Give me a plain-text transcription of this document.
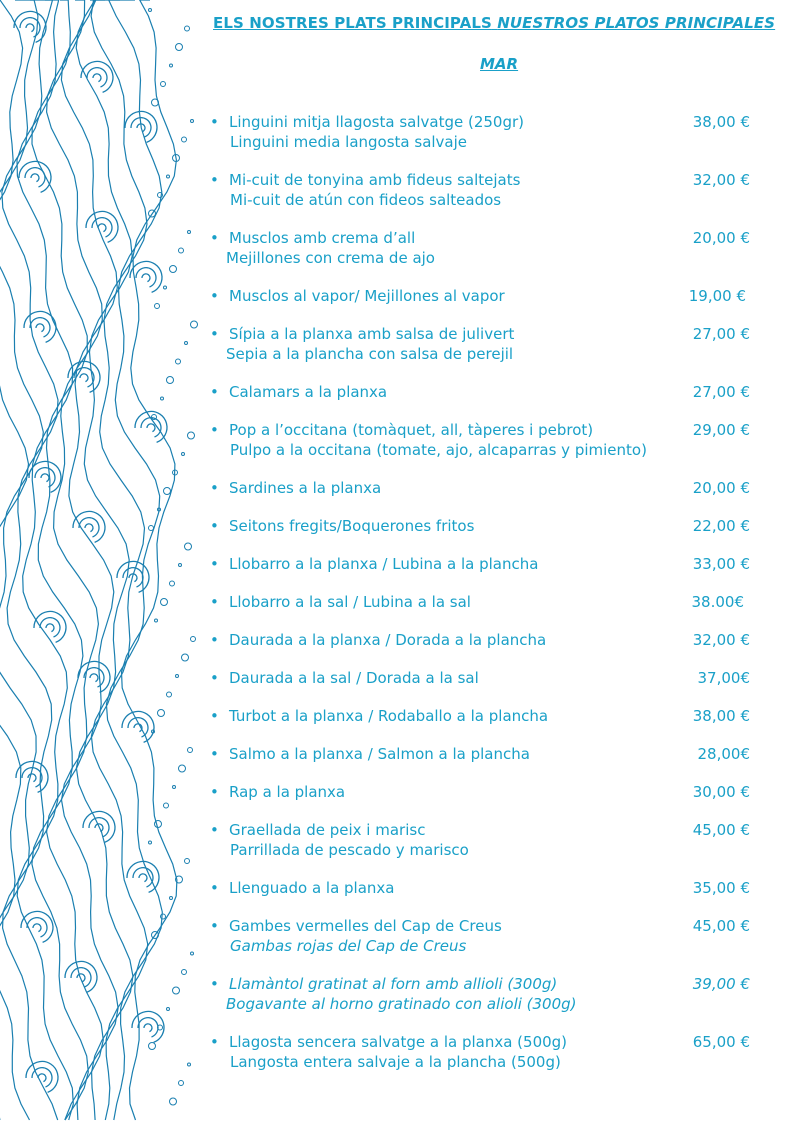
ELS NOSTRES PLATS PRINCIPALS NUESTROS PLATOS PRINCIPALES
MAR
• Linguini mitja llagosta salvatge (250gr)
Linguini media langosta salvaje
38,00 €
• Mi-cuit de tonyina amb fideus saltejats
Mi-cuit de atún con fideos salteados
32,00 €
• Musclos amb crema d’all
Mejillones con crema de ajo
20,00 €
• Musclos al vapor/ Mejillones al vapor	19,00 €
• Sípia a la planxa amb salsa de julivert
Sepia a la plancha con salsa de perejil
27,00 €
• Calamars a la planxa	27,00 €
• Pop a l’occitana (tomàquet, all, tàperes i pebrot)
Pulpo a la occitana (tomate, ajo, alcaparras y pimiento)
29,00 €
• Sardines a la planxa	20,00 €
• Seitons fregits/Boquerones fritos	22,00 €
• Llobarro a la planxa / Lubina a la plancha	33,00 €
• Llobarro a la sal / Lubina a la sal	38.00€
• Daurada a la planxa / Dorada a la plancha	32,00 €
• Daurada a la sal / Dorada a la sal	37,00€
• Turbot a la planxa / Rodaballo a la plancha	38,00 €
• Salmo a la planxa / Salmon a la plancha	28,00€
• Rap a la planxa	30,00 €
• Graellada de peix i marisc
Parrillada de pescado y marisco
45,00 €
• Llenguado a la planxa	35,00 €
• Gambes vermelles del Cap de Creus
Gambas rojas del Cap de Creus
45,00 €
• Llamàntol gratinat al forn amb allioli (300g)
Bogavante al horno gratinado con alioli (300g)
39,00 €
• Llagosta sencera salvatge a la planxa (500g)
Langosta entera salvaje a la plancha (500g)
65,00 €
